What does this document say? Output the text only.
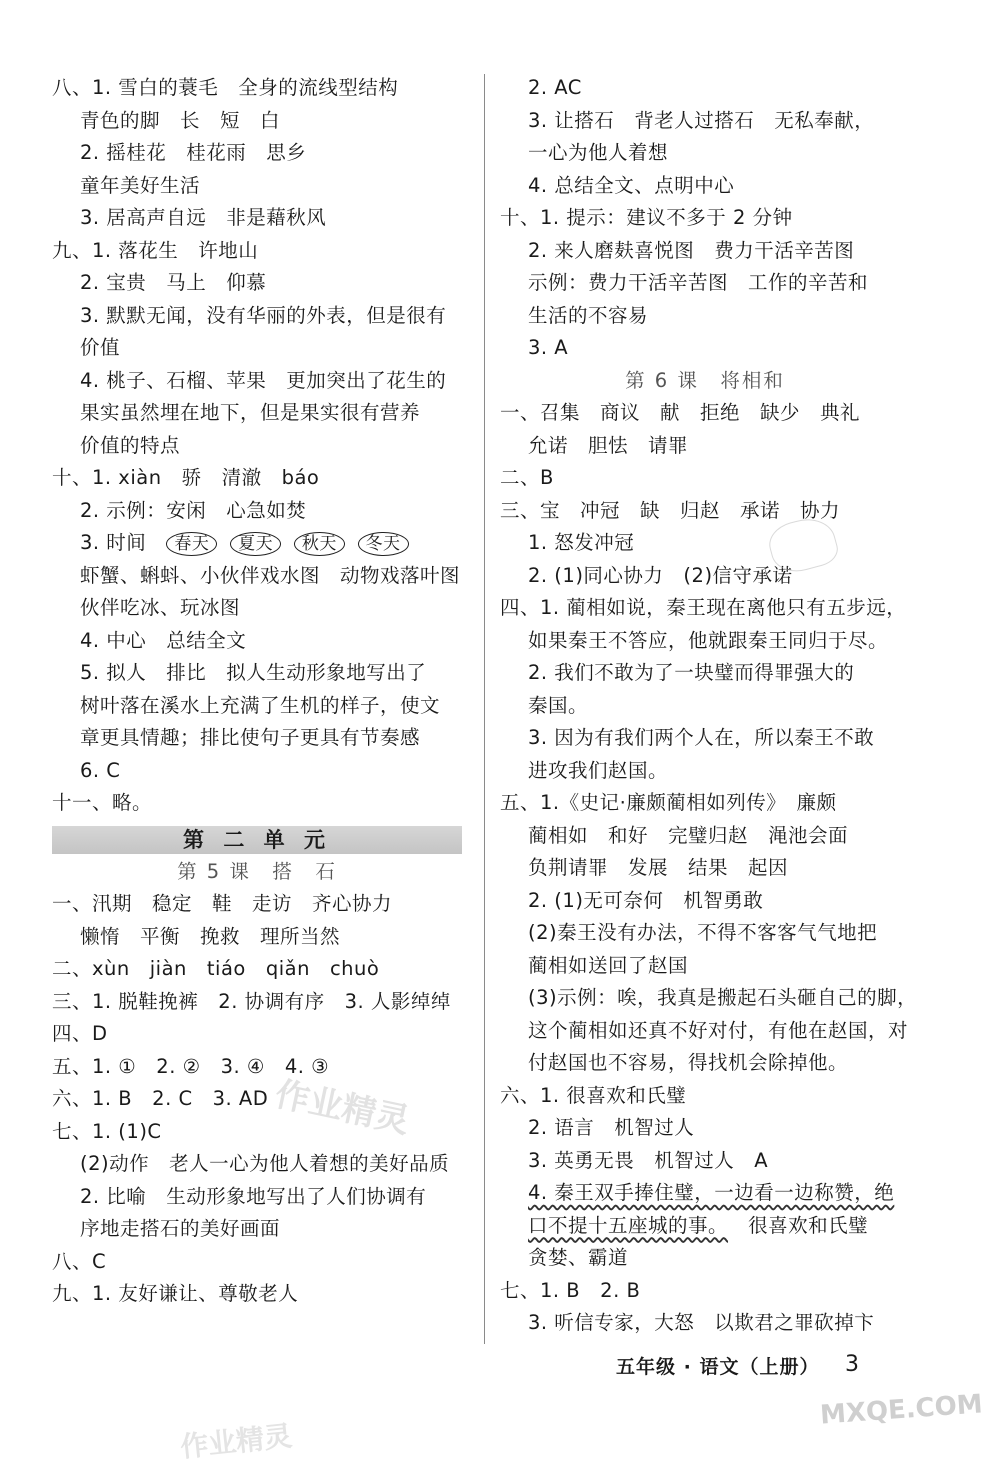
八、1. 雪白的蓑毛　全身的流线型结构
青色的脚　长　短　白
2. 摇桂花　桂花雨　思乡
童年美好生活
3. 居高声自远　非是藉秋风
九、1. 落花生　许地山
2. 宝贵　马上　仰慕
3. 默默无闻，没有华丽的外表，但是很有
价值
4. 桃子、石榴、苹果　更加突出了花生的
果实虽然埋在地下，但是果实很有营养
价值的特点
十、1. xiàn　骄　清澈　báo
2. 示例：安闲　心急如焚
3. 时间 春天 夏天 秋天 冬天
虾蟹、蝌蚪、小伙伴戏水图　动物戏落叶图
伙伴吃冰、玩冰图
4. 中心　总结全文
5. 拟人　排比　拟人生动形象地写出了
树叶落在溪水上充满了生机的样子，使文
章更具情趣；排比使句子更具有节奏感
6. C
十一、略。
第 二 单 元
第 5 课　搭　石
一、汛期　稳定　鞋　走访　齐心协力
懒惰　平衡　挽救　理所当然
二、xùn　jiàn　tiáo　qiǎn　chuò
三、1. 脱鞋挽裤　2. 协调有序　3. 人影绰绰
四、D
五、1. ①　2. ②　3. ④　4. ③
六、1. B　2. C　3. AD
七、1. (1)C
(2)动作　老人一心为他人着想的美好品质
2. 比喻　生动形象地写出了人们协调有
序地走搭石的美好画面
八、C
九、1. 友好谦让、尊敬老人
2. AC
3. 让搭石　背老人过搭石　无私奉献，
一心为他人着想
4. 总结全文、点明中心
十、1. 提示：建议不多于 2 分钟
2. 来人磨麸喜悦图　费力干活辛苦图
示例：费力干活辛苦图　工作的辛苦和
生活的不容易
3. A
第 6 课　将相和
一、召集　商议　献　拒绝　缺少　典礼
允诺　胆怯　请罪
二、B
三、宝　冲冠　缺　归赵　承诺　协力
1. 怒发冲冠
2. (1)同心协力　(2)信守承诺
四、1. 蔺相如说，秦王现在离他只有五步远，
如果秦王不答应，他就跟秦王同归于尽。
2. 我们不敢为了一块璧而得罪强大的
秦国。
3. 因为有我们两个人在，所以秦王不敢
进攻我们赵国。
五、1.《史记·廉颇蔺相如列传》　廉颇
蔺相如　和好　完璧归赵　渑池会面
负荆请罪　发展　结果　起因
2. (1)无可奈何　机智勇敢
(2)秦王没有办法，不得不客客气气地把
蔺相如送回了赵国
(3)示例：唉，我真是搬起石头砸自己的脚，
这个蔺相如还真不好对付，有他在赵国，对
付赵国也不容易，得找机会除掉他。
六、1. 很喜欢和氏璧
2. 语言　机智过人
3. 英勇无畏　机智过人　A
4. 秦王双手捧住璧，一边看一边称赞，绝
口不提十五座城的事。 很喜欢和氏璧
贪婪、霸道
七、1. B　2. B
3. 听信专家，大怒　以欺君之罪砍掉卞
五年级 · 语文（上册） 3
作业精灵
作业精灵
MXQE.COM
